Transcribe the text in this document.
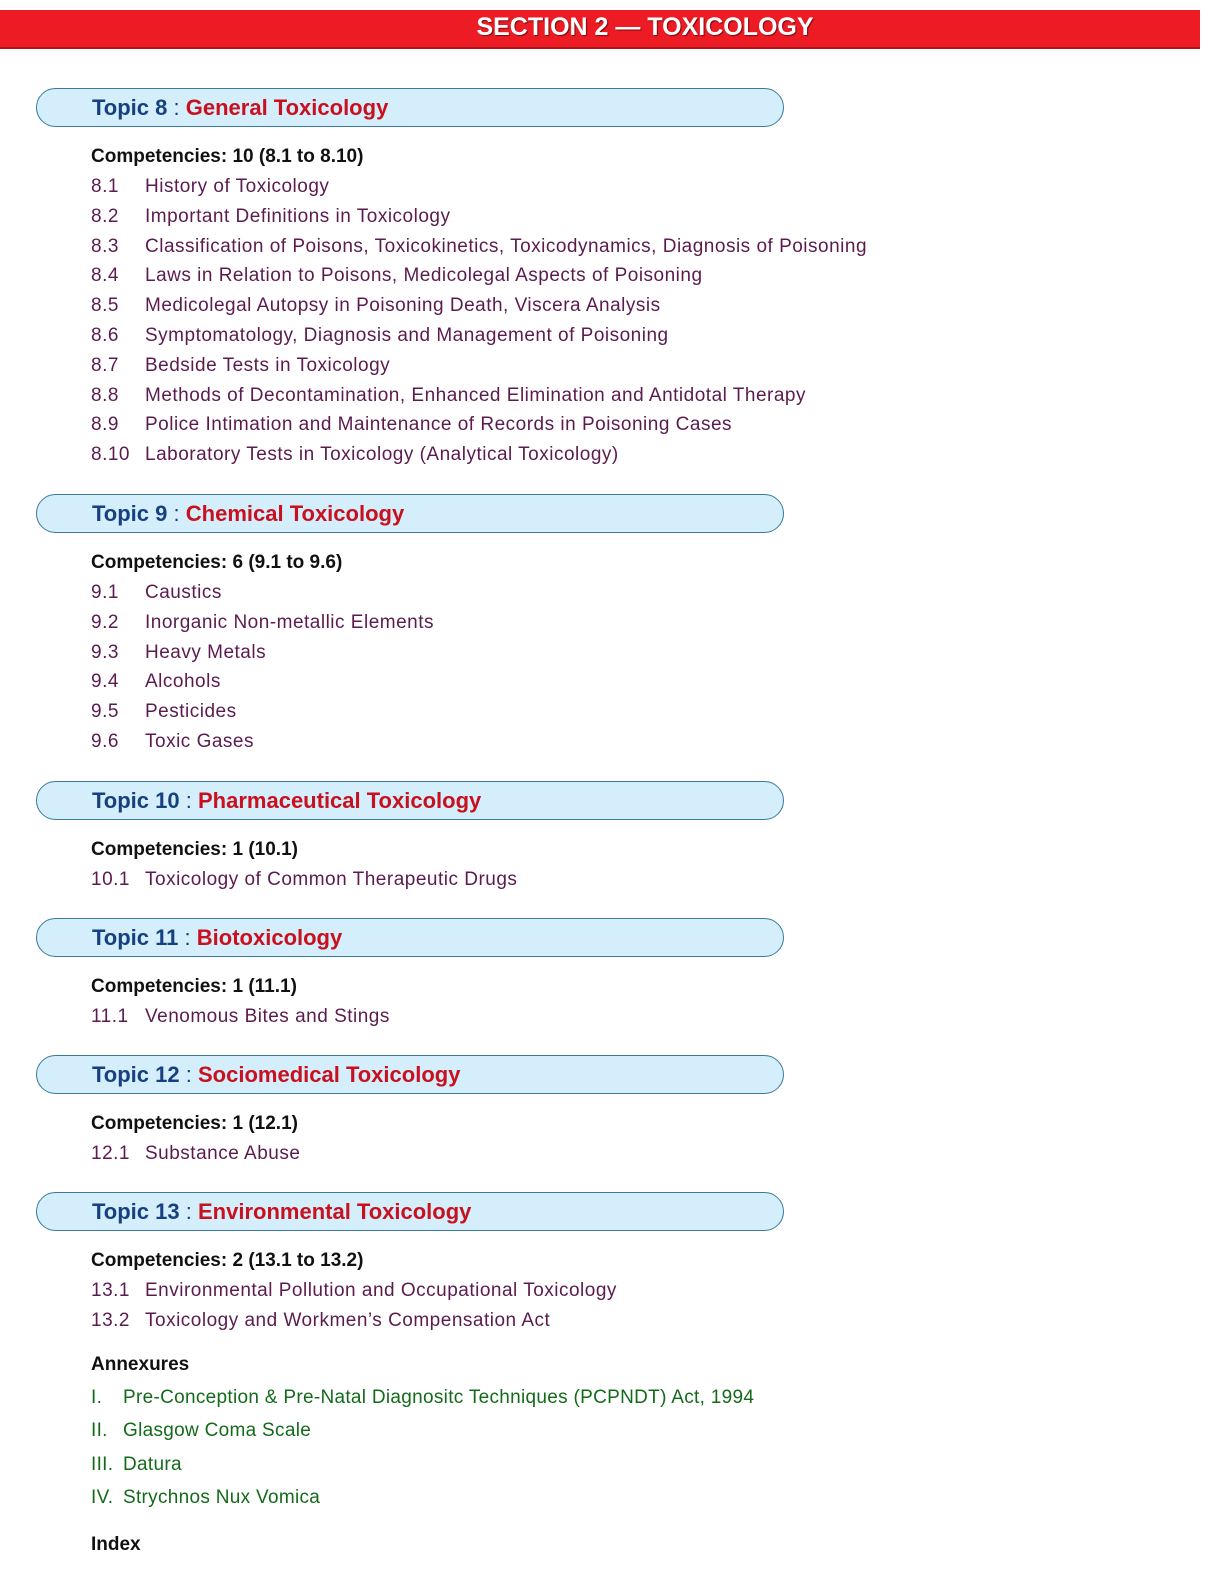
SECTION 2 — TOXICOLOGY
Topic 8 : General Toxicology
Competencies: 10 (8.1 to 8.10)
8.1 History of Toxicology
8.2 Important Definitions in Toxicology
8.3 Classification of Poisons, Toxicokinetics, Toxicodynamics, Diagnosis of Poisoning
8.4 Laws in Relation to Poisons, Medicolegal Aspects of Poisoning
8.5 Medicolegal Autopsy in Poisoning Death, Viscera Analysis
8.6 Symptomatology, Diagnosis and Management of Poisoning
8.7 Bedside Tests in Toxicology
8.8 Methods of Decontamination, Enhanced Elimination and Antidotal Therapy
8.9 Police Intimation and Maintenance of Records in Poisoning Cases
8.10 Laboratory Tests in Toxicology (Analytical Toxicology)
Topic 9 : Chemical Toxicology
Competencies: 6 (9.1 to 9.6)
9.1 Caustics
9.2 Inorganic Non-metallic Elements
9.3 Heavy Metals
9.4 Alcohols
9.5 Pesticides
9.6 Toxic Gases
Topic 10 : Pharmaceutical Toxicology
Competencies: 1 (10.1)
10.1 Toxicology of Common Therapeutic Drugs
Topic 11 : Biotoxicology
Competencies: 1 (11.1)
11.1 Venomous Bites and Stings
Topic 12 : Sociomedical Toxicology
Competencies: 1 (12.1)
12.1 Substance Abuse
Topic 13 : Environmental Toxicology
Competencies: 2 (13.1 to 13.2)
13.1 Environmental Pollution and Occupational Toxicology
13.2 Toxicology and Workmen’s Compensation Act
Annexures
I. Pre-Conception & Pre-Natal Diagnositc Techniques (PCPNDT) Act, 1994
II. Glasgow Coma Scale
III. Datura
IV. Strychnos Nux Vomica
Index
